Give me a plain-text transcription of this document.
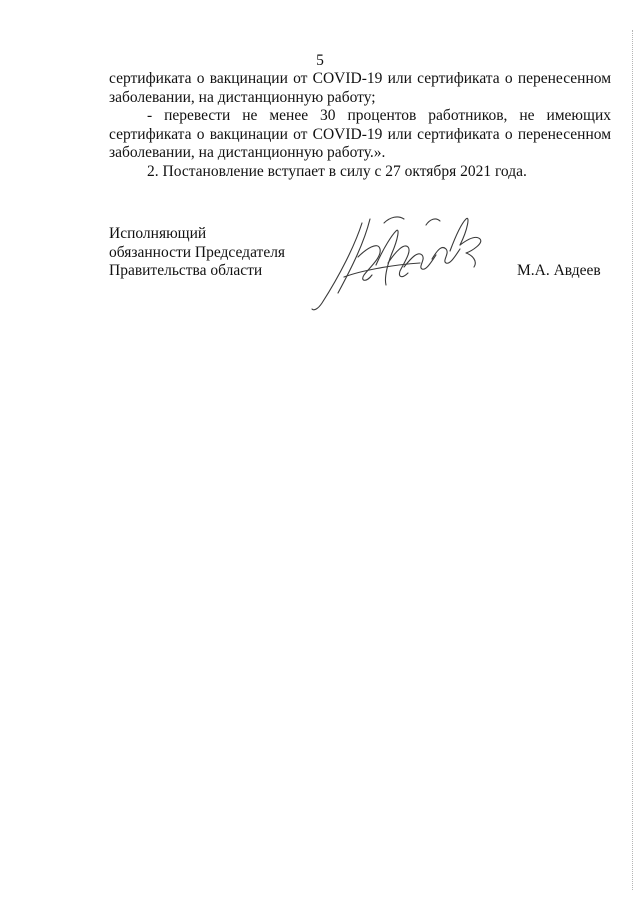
5

сертификата о вакцинации от COVID-19 или сертификата о перенесенном
заболевании, на дистанционную работу;

- перевести не менее 30 процентов работников, не имеющих
сертификата о вакцинации от COVID-19 или сертификата о перенесенном
заболевании, на дистанционную работу.».

2. Постановление вступает в силу с 27 октября 2021 года.

Исполняющий
обязанности Председателя
Правительства области	М.А. Авдеев
